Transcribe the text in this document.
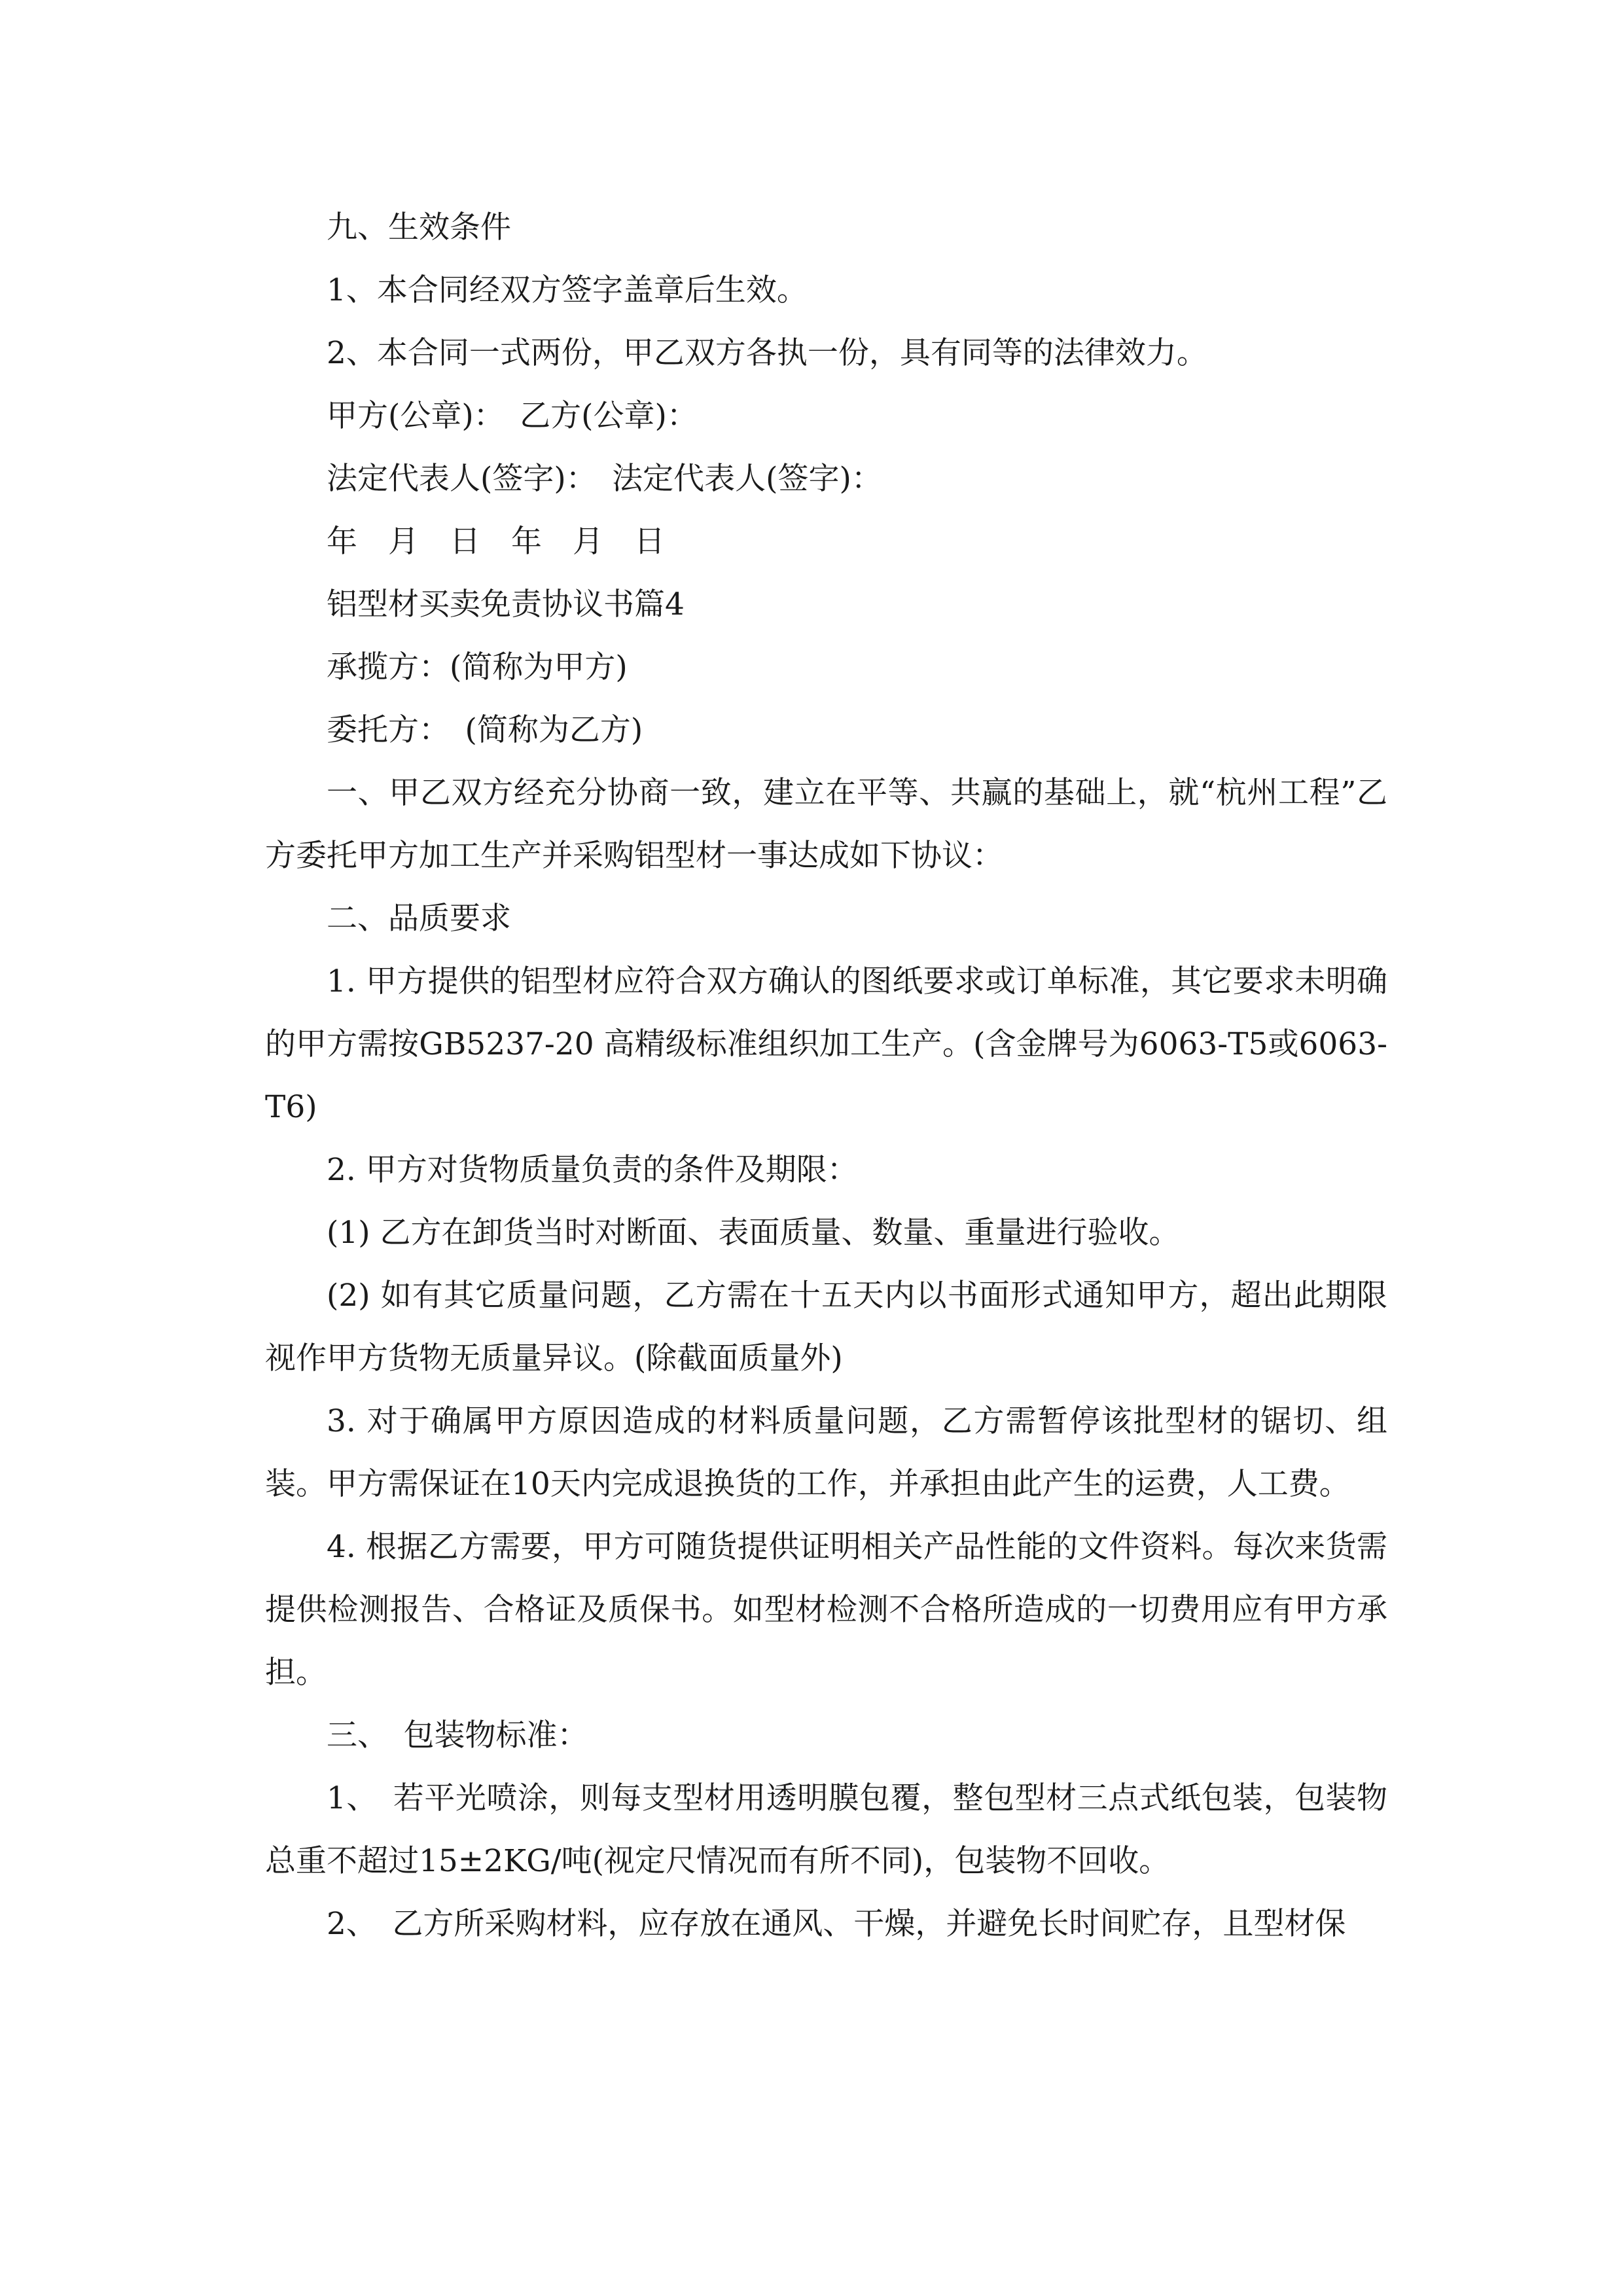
九、生效条件

1、本合同经双方签字盖章后生效。

2、本合同一式两份，甲乙双方各执一份，具有同等的法律效力。

甲方(公章)：　乙方(公章)：

法定代表人(签字)：　法定代表人(签字)：

年　月　日　年　月　日

铝型材买卖免责协议书篇4

承揽方：(简称为甲方)

委托方：　(简称为乙方)

一、甲乙双方经充分协商一致，建立在平等、共赢的基础上，就“杭州工程”乙方委托甲方加工生产并采购铝型材一事达成如下协议：

二、品质要求

1. 甲方提供的铝型材应符合双方确认的图纸要求或订单标准，其它要求未明确的甲方需按GB5237-20 高精级标准组织加工生产。(含金牌号为6063-T5或6063-T6)

2. 甲方对货物质量负责的条件及期限：

(1) 乙方在卸货当时对断面、表面质量、数量、重量进行验收。

(2) 如有其它质量问题，乙方需在十五天内以书面形式通知甲方，超出此期限视作甲方货物无质量异议。(除截面质量外)

3. 对于确属甲方原因造成的材料质量问题，乙方需暂停该批型材的锯切、组装。甲方需保证在10天内完成退换货的工作，并承担由此产生的运费，人工费。

4. 根据乙方需要，甲方可随货提供证明相关产品性能的文件资料。每次来货需提供检测报告、合格证及质保书。如型材检测不合格所造成的一切费用应有甲方承担。

三、　包装物标准：

1、　若平光喷涂，则每支型材用透明膜包覆，整包型材三点式纸包装，包装物总重不超过15±2KG/吨(视定尺情况而有所不同)，包装物不回收。

2、　乙方所采购材料，应存放在通风、干燥，并避免长时间贮存，且型材保
